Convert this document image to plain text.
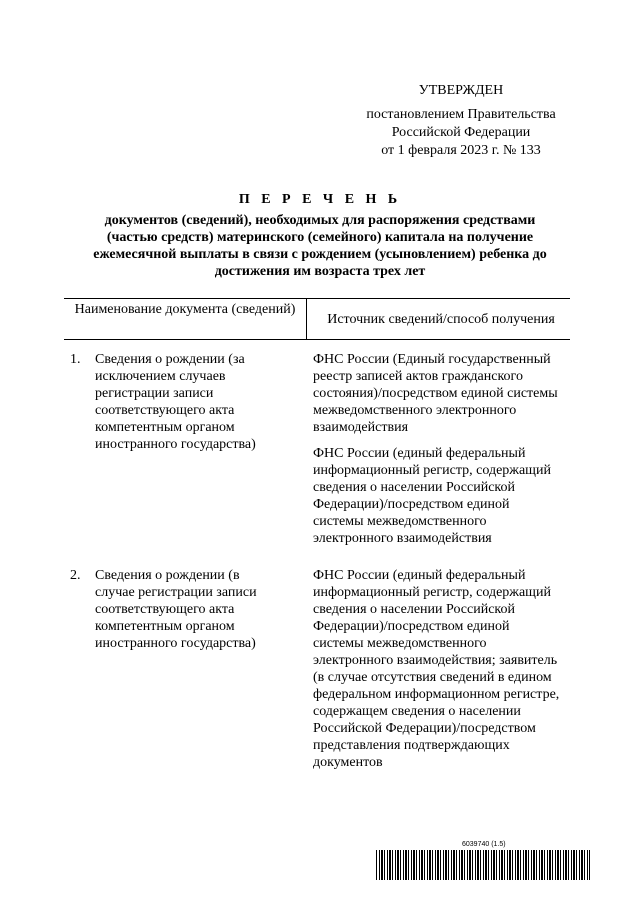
УТВЕРЖДЕН
постановлением Правительства
Российской Федерации
от 1 февраля 2023 г. № 133
П Е Р Е Ч Е Н Ь
документов (сведений), необходимых для распоряжения средствами (частью средств) материнского (семейного) капитала на получение ежемесячной выплаты в связи с рождением (усыновлением) ребенка до достижения им возраста трех лет
Наименование документа (сведений)
Источник сведений/способ получения
1.	Сведения о рождении (за исключением случаев регистрации записи соответствующего акта компетентным органом иностранного государства)
ФНС России (Единый государственный реестр записей актов гражданского состояния)/посредством единой системы межведомственного электронного взаимодействия
ФНС России (единый федеральный информационный регистр, содержащий сведения о населении Российской Федерации)/посредством единой системы межведомственного электронного взаимодействия
2.	Сведения о рождении (в случае регистрации записи соответствующего акта компетентным органом иностранного государства)
ФНС России (единый федеральный информационный регистр, содержащий сведения о населении Российской Федерации)/посредством единой системы межведомственного электронного взаимодействия; заявитель (в случае отсутствия сведений в едином федеральном информационном регистре, содержащем сведения о населении Российской Федерации)/посредством представления подтверждающих документов
6039740 (1.5)
